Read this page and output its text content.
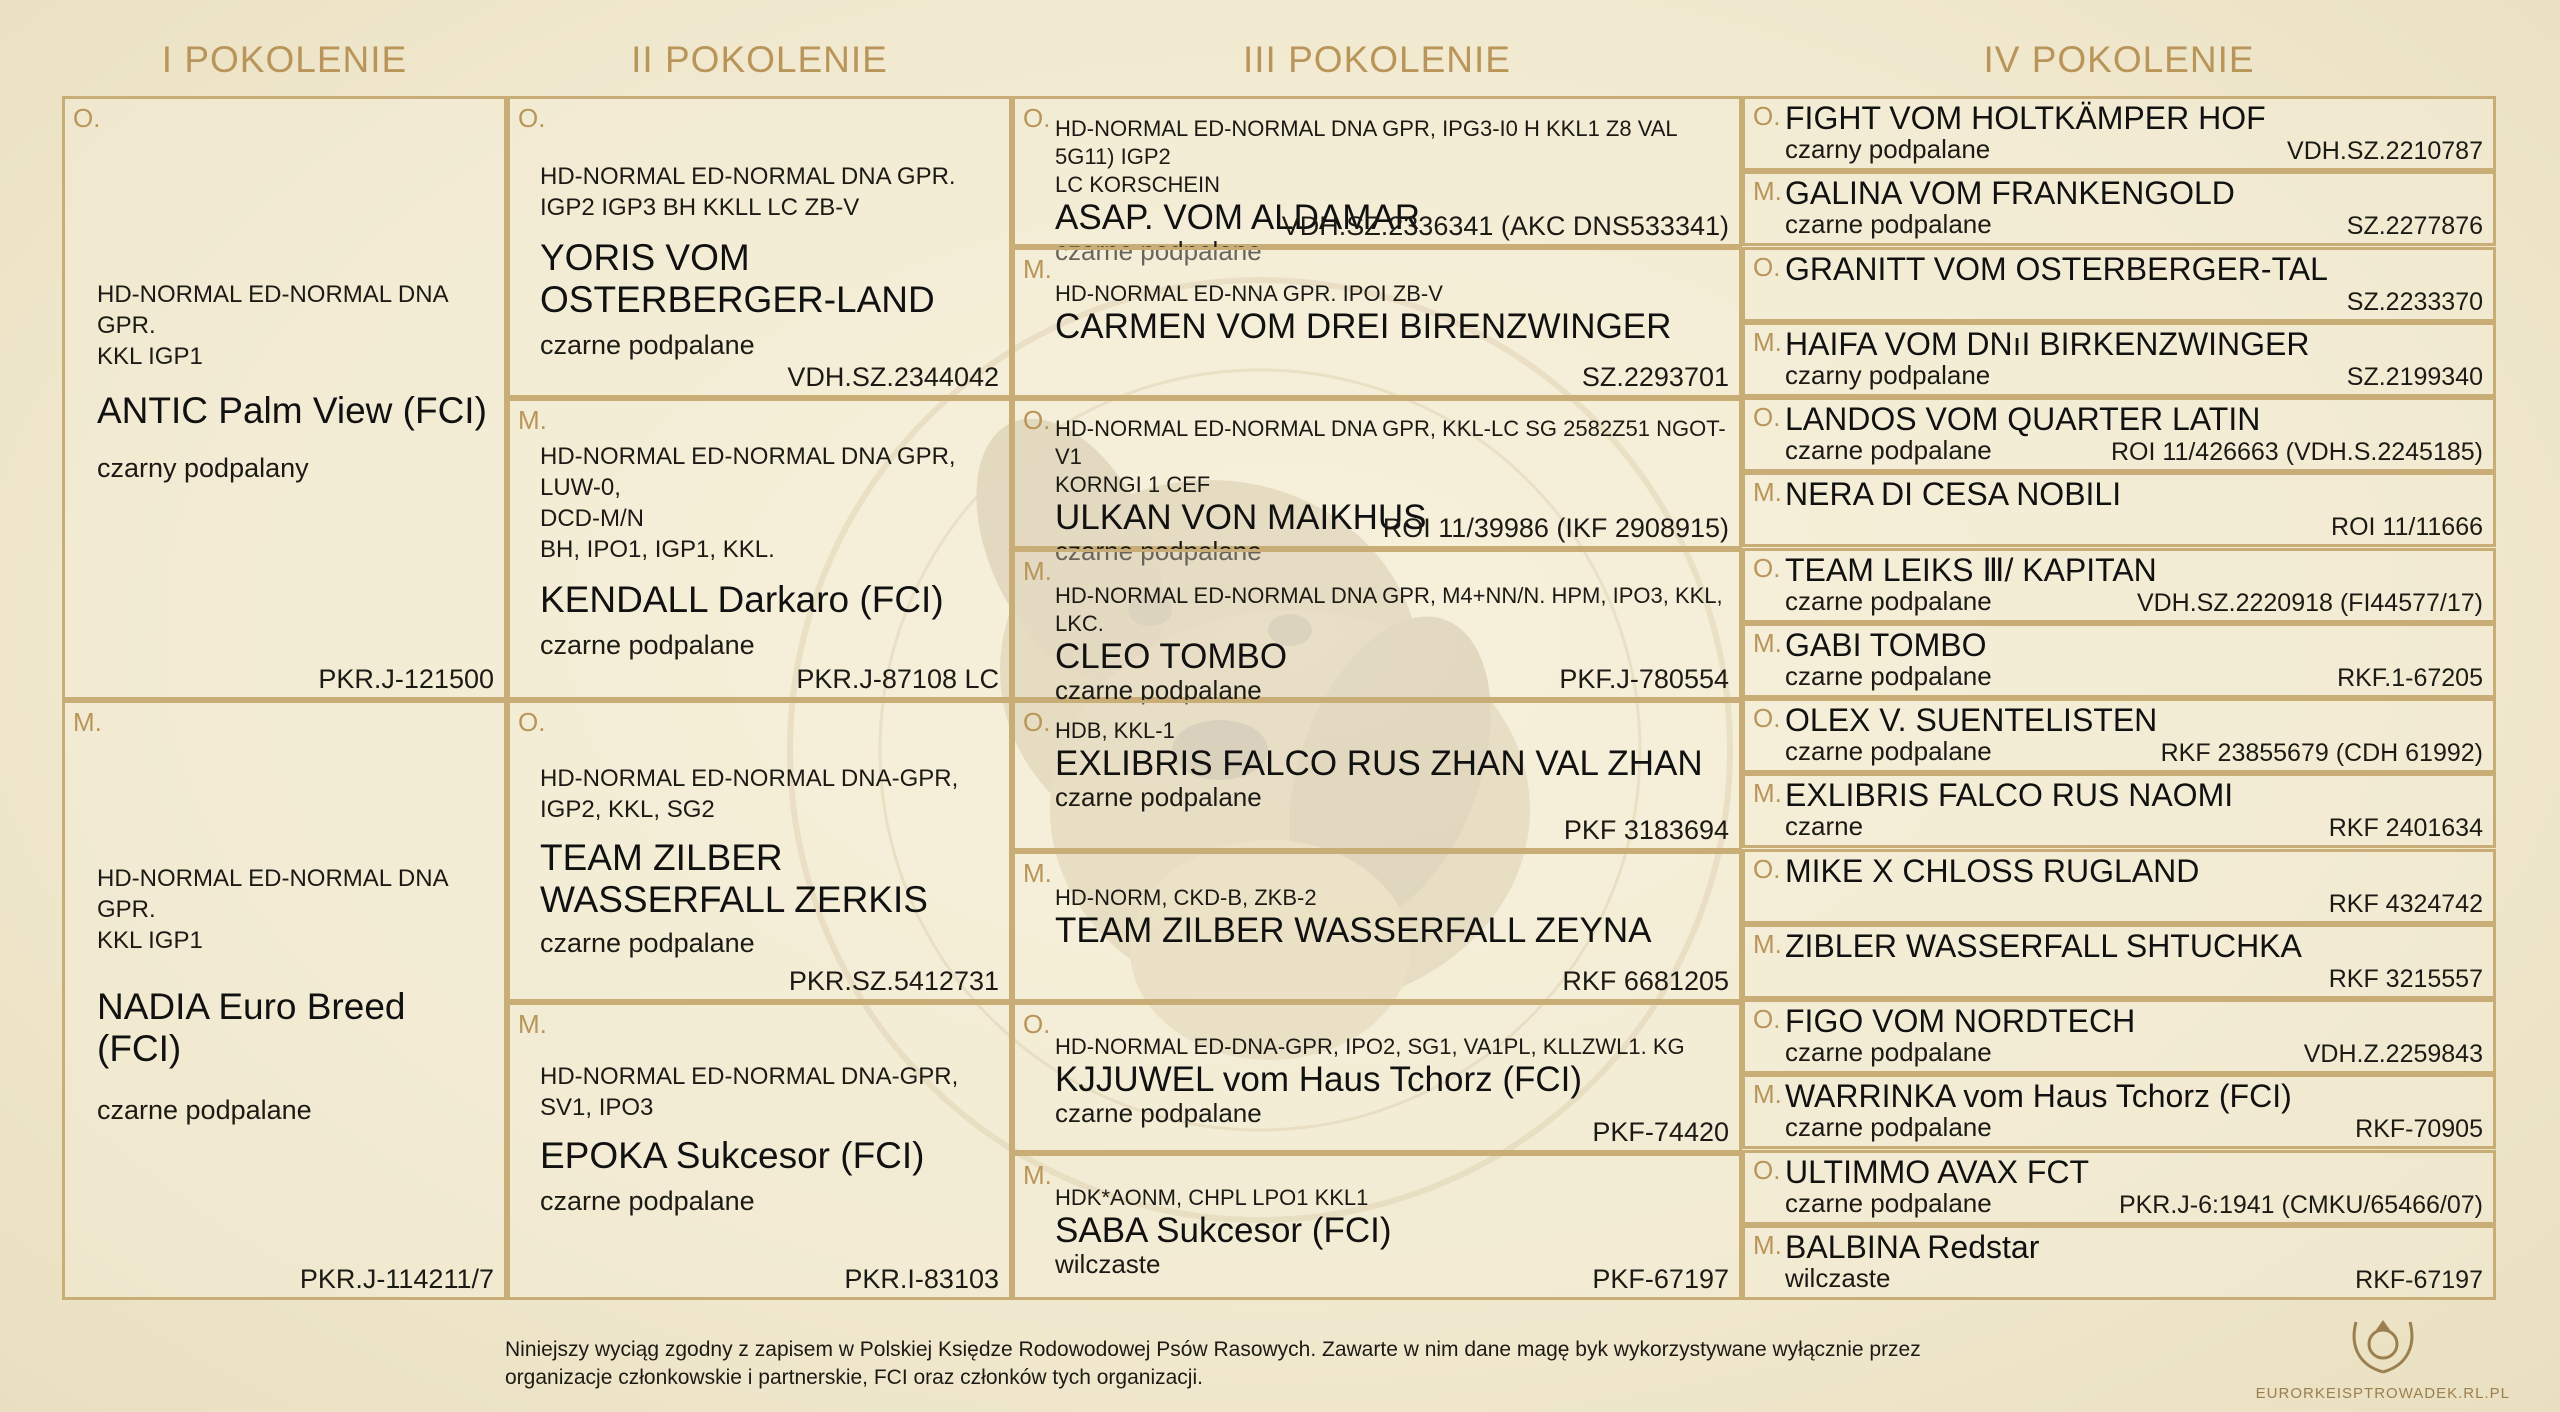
I POKOLENIE	II POKOLENIE	III POKOLENIE	IV POKOLENIE
O.
HD-NORMAL ED-NORMAL DNA GPR.
KKL IGP1
ANTIC Palm View (FCI)
czarny podpalany
PKR.J-121500
M.
HD-NORMAL ED-NORMAL DNA GPR.
KKL IGP1
NADIA Euro Breed (FCI)
czarne podpalane
PKR.J-114211/7
O.
HD-NORMAL ED-NORMAL DNA GPR.
IGP2 IGP3 BH KKLL LC ZB-V
YORIS VOM OSTERBERGER-LAND
czarne podpalane
VDH.SZ.2344042
M.
HD-NORMAL ED-NORMAL DNA GPR, LUW-0,
DCD-M/N
BH, IPO1, IGP1, KKL.
KENDALL Darkaro (FCI)
czarne podpalane
PKR.J-87108 LC
O.
HD-NORMAL ED-NORMAL DNA-GPR,
IGP2, KKL, SG2
TEAM ZILBER WASSERFALL ZERKIS
czarne podpalane
PKR.SZ.5412731
M.
HD-NORMAL ED-NORMAL DNA-GPR,
SV1, IPO3
EPOKA Sukcesor (FCI)
czarne podpalane
PKR.I-83103
O. HD-NORMAL ED-NORMAL DNA GPR, IPG3-I0 H KKL1 Z8 VAL 5G11) IGP2
LC KORSCHEIN
ASAP. VOM ALDAMAR
czarne podpalane
VDH.SZ.2336341 (AKC DNS533341)
M.
HD-NORMAL ED-NNA GPR. IPOI ZB-V
CARMEN VOM DREI BIRENZWINGER
SZ.2293701
O. HD-NORMAL ED-NORMAL DNA GPR, KKL-LC SG 2582Z51 NGOT-V1
KORNGI 1 CEF
ULKAN VON MAIKHUS
czarne podpalane
ROI 11/39986 (IKF 2908915)
M.
HD-NORMAL ED-NORMAL DNA GPR, M4+NN/N. HPM, IPO3, KKL, LKC.
CLEO TOMBO
czarne podpalane	PKF.J-780554
O. HDB, KKL-1
EXLIBRIS FALCO RUS ZHAN VAL ZHAN
czarne podpalane
PKF 3183694
M.
HD-NORM, CKD-B, ZKB-2
TEAM ZILBER WASSERFALL ZEYNA
RKF 6681205
O.
HD-NORMAL ED-DNA-GPR, IPO2, SG1, VA1PL, KLLZWL1. KG
KJJUWEL vom Haus Tchorz (FCI)
czarne podpalane
PKF-74420
M.
HDK*AONM, CHPL LPO1 KKL1
SABA Sukcesor (FCI)
wilczaste	PKF-67197
O. FIGHT VOM HOLTKÄMPER HOF
czarny podpalane	VDH.SZ.2210787
M. GALINA VOM FRANKENGOLD
czarne podpalane	SZ.2277876
O. GRANITT VOM OSTERBERGER-TAL
SZ.2233370
M. HAIFA VOM DNıI BIRKENZWINGER
czarny podpalane	SZ.2199340
O. LANDOS VOM QUARTER LATIN
czarne podpalane	ROI 11/426663 (VDH.S.2245185)
M. NERA DI CESA NOBILI
ROI 11/11666
O. TEAM LEIKS Ⅲ/ KAPITAN
czarne podpalane	VDH.SZ.2220918 (FI44577/17)
M. GABI TOMBO
czarne podpalane	RKF.1-67205
O. OLEX V. SUENTELISTEN
czarne podpalane	RKF 23855679 (CDH 61992)
M. EXLIBRIS FALCO RUS NAOMI
czarne	RKF 2401634
O. MIKE X CHLOSS RUGLAND
RKF 4324742
M. ZIBLER WASSERFALL SHTUCHKA
RKF 3215557
O. FIGO VOM NORDTECH
czarne podpalane	VDH.Z.2259843
M. WARRINKA vom Haus Tchorz (FCI)
czarne podpalane	RKF-70905
O. ULTIMMO AVAX FCT
czarne podpalane	PKR.J-6:1941 (CMKU/65466/07)
M. BALBINA Redstar
wilczaste	RKF-67197
Niniejszy wyciąg zgodny z zapisem w Polskiej Księdze Rodowodowej Psów Rasowych. Zawarte w nim dane magę byk wykorzystywane wyłącznie przez organizacje członkowskie i partnerskie, FCI oraz członków tych organizacji.
EURORKEISPTROWADEK.RL.PL
